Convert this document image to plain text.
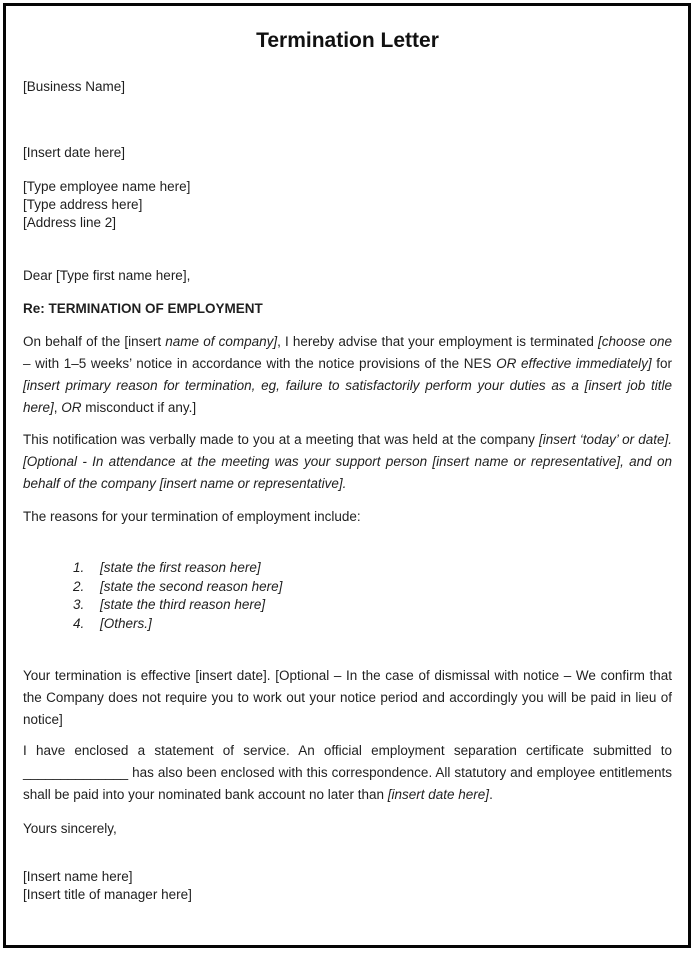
Termination Letter

[Business Name]

[Insert date here]

[Type employee name here]

[Type address here]

[Address line 2]

Dear [Type first name here],

Re: TERMINATION OF EMPLOYMENT

On behalf of the [insert name of company], I hereby advise that your employment is terminated [choose one – with 1–5 weeks’ notice in accordance with the notice provisions of the NES OR effective immediately] for [insert primary reason for termination, eg, failure to satisfactorily perform your duties as a [insert job title here], OR misconduct if any.]

This notification was verbally made to you at a meeting that was held at the company [insert ‘today’ or date]. [Optional - In attendance at the meeting was your support person [insert name or representative], and on behalf of the company [insert name or representative].

The reasons for your termination of employment include:

1.	[state the first reason here]
2.	[state the second reason here]
3.	[state the third reason here]
4.	[Others.]

Your termination is effective [insert date]. [Optional – In the case of dismissal with notice – We confirm that the Company does not require you to work out your notice period and accordingly you will be paid in lieu of notice]

I have enclosed a statement of service. An official employment separation certificate submitted to ______________ has also been enclosed with this correspondence. All statutory and employee entitlements shall be paid into your nominated bank account no later than [insert date here].

Yours sincerely,

[Insert name here]

[Insert title of manager here]
